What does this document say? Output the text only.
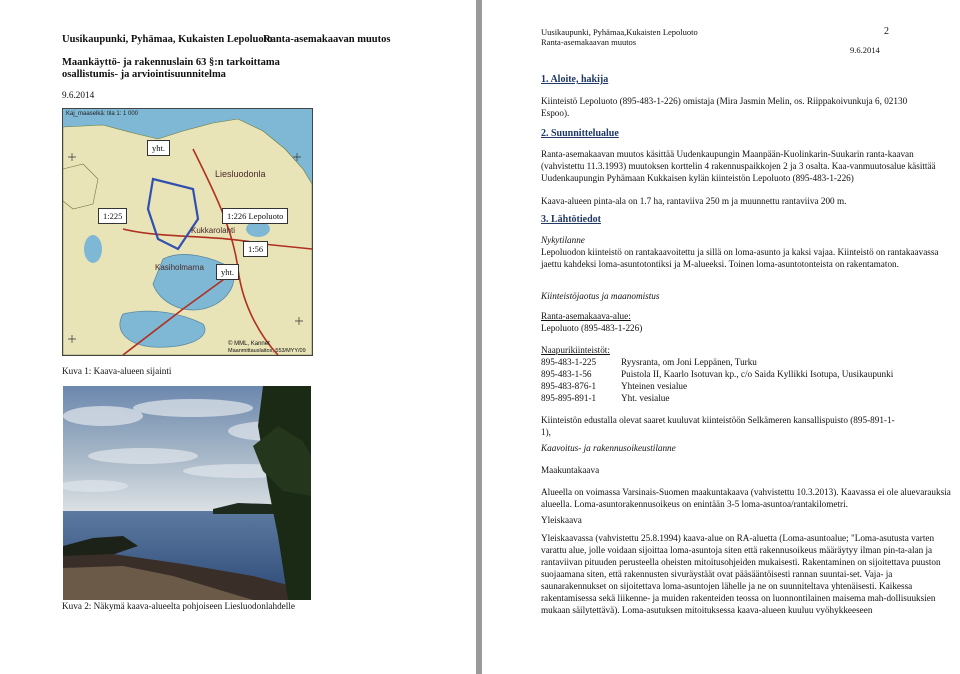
Uusikaupunki, Pyhämaa, Kukaisten Lepoluoto
Ranta-asemakaavan muutos
Maankäyttö- ja rakennuslain 63 §:n tarkoittama
osallistumis- ja arviointisuunnitelma
9.6.2014
Kaj_maaselkä: tila 1: 1 000
Liesluodonla
Kukkarolahti
Kasiholmarna
© MML, Kannet
Maanmittauslaitos, 553/MYY/09
yht.
1:225	1:226 Lepoluoto
1:56
yht.
Kuva 1: Kaava-alueen sijainti
Kuva 2: Näkymä kaava-alueelta pohjoiseen Liesluodonlahdelle
Uusikaupunki, Pyhämaa,Kukaisten Lepoluoto
Ranta-asemakaavan muutos
2
9.6.2014
1. Aloite, hakija
Kiinteistö Lepoluoto (895-483-1-226) omistaja (Mira Jasmin Melin, os. Riippakoivunkuja 6, 02130
Espoo).
2. Suunnittelualue
Ranta-asemakaavan muutos käsittää Uudenkaupungin Maanpään-Kuolinkarin-Suukarin ranta-kaavan (vahvistettu 11.3.1993) muutoksen korttelin 4 rakennuspaikkojen 2 ja 3 osalta. Kaa-vanmuutosalue käsittää Uudenkaupungin Pyhämaan Kukkaisen kylän kiinteistön Lepoluoto (895-483-1-226)
Kaava-alueen pinta-ala on 1.7 ha, rantaviiva 250 m ja muunnettu rantaviiva 200 m.
3. Lähtötiedot
Nykytilanne
Lepoluodon kiinteistö on rantakaavoitettu ja sillä on loma-asunto ja kaksi vajaa. Kiinteistö on rantakaavassa jaettu kahdeksi loma-asuntotontiksi ja M-alueeksi. Toinen loma-asuntotonteista on rakentamaton.
Kiinteistöjaotus ja maanomistus
Ranta-asemakaava-alue:
Lepoluoto (895-483-1-226)
Naapurikiinteistöt:
895-483-1-225	Ryysranta, om Joni Leppänen, Turku
895-483-1-56	Puistola II, Kaarlo Isotuvan kp., c/o Saida Kyllikki Isotupa, Uusikaupunki
895-483-876-1	Yhteinen vesialue
895-895-891-1	Yht. vesialue
Kiinteistön edustalla olevat saaret kuuluvat kiinteistöön Selkämeren kansallispuisto (895-891-1-1),
Kaavoitus- ja rakennusoikeustilanne
Maakuntakaava
Alueella on voimassa Varsinais-Suomen maakuntakaava (vahvistettu 10.3.2013). Kaavassa ei ole aluevarauksia alueella. Loma-asuntorakennusoikeus on enintään 3-5 loma-asuntoa/rantakilometri.
Yleiskaava
Yleiskaavassa (vahvistettu 25.8.1994) kaava-alue on RA-aluetta (Loma-asuntoalue; "Loma-asutusta varten varattu alue, jolle voidaan sijoittaa loma-asuntoja siten että rakennusoikeus määräytyy ilman pin-ta-alan ja rantaviivan pituuden perusteella oheisten mitoitusohjeiden mukaisesti. Rakentaminen on sijoitettava puuston suojaamana siten, että rakennusten sivuräystäät ovat pääsääntöisesti rannan suuntai-set. Vaja- ja saunarakennukset on sijoitettava loma-asuntojen lähelle ja ne on suunniteltava yhtenäisesti. Kaikessa rakentamisessa sekä liikenne- ja muiden rakenteiden teossa on luonnontilainen maisema mah-dollisuuksien mukaan säilytettävä). Loma-asutuksen mitoituksessa kaava-alueen kuuluu vyöhykkeeseen
